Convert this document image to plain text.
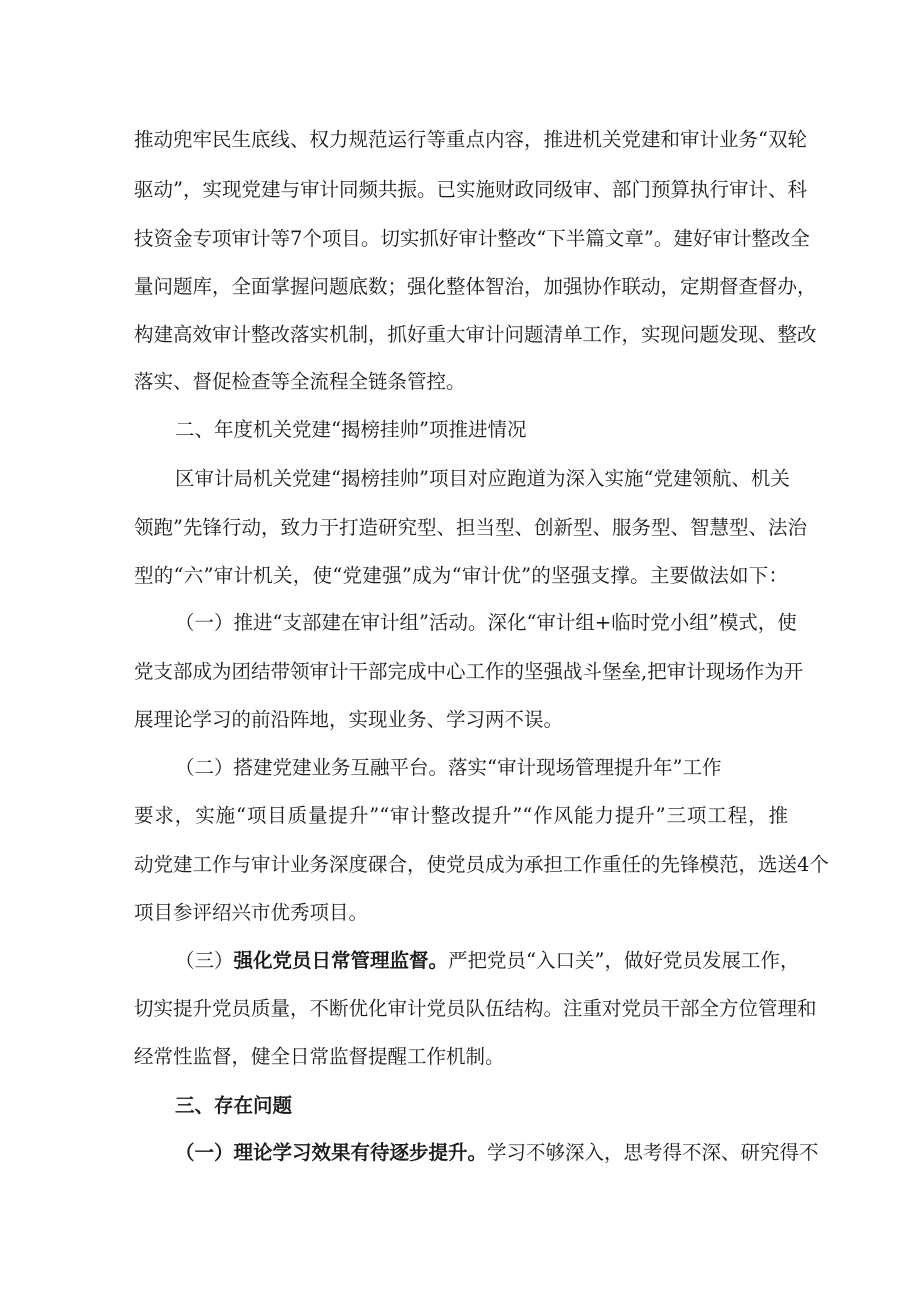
推动兜牢民生底线、权力规范运行等重点内容，推进机关党建和审计业务“双轮
驱动”，实现党建与审计同频共振。已实施财政同级审、部门预算执行审计、科
技资金专项审计等7个项目。切实抓好审计整改“下半篇文章”。建好审计整改全
量问题库，全面掌握问题底数；强化整体智治，加强协作联动，定期督查督办，
构建高效审计整改落实机制，抓好重大审计问题清单工作，实现问题发现、整改
落实、督促检查等全流程全链条管控。
二、年度机关党建“揭榜挂帅”项推进情况
区审计局机关党建“揭榜挂帅”项目对应跑道为深入实施“党建领航、机关
领跑”先锋行动，致力于打造研究型、担当型、创新型、服务型、智慧型、法治
型的“六”审计机关，使“党建强”成为“审计优”的坚强支撑。主要做法如下：
（一）推进“支部建在审计组”活动。深化“审计组+临时党小组”模式，使
党支部成为团结带领审计干部完成中心工作的坚强战斗堡垒,把审计现场作为开
展理论学习的前沿阵地，实现业务、学习两不误。
（二）搭建党建业务互融平台。落实“审计现场管理提升年”工作
要求，实施“项目质量提升”“审计整改提升”“作风能力提升”三项工程，推
动党建工作与审计业务深度䂺合，使党员成为承担工作重任的先锋模范，选送4个
项目参评绍兴市优秀项目。
（三） 强化党员日常管理监督。 严把党员“入口关”，做好党员发展工作，
切实提升党员质量，不断优化审计党员队伍结构。注重对党员干部全方位管理和
经常性监督，健全日常监督提醒工作机制。
三、存在问题
（一）理论学习效果有待逐步提升。 学习不够深入，思考得不深、研究得不
